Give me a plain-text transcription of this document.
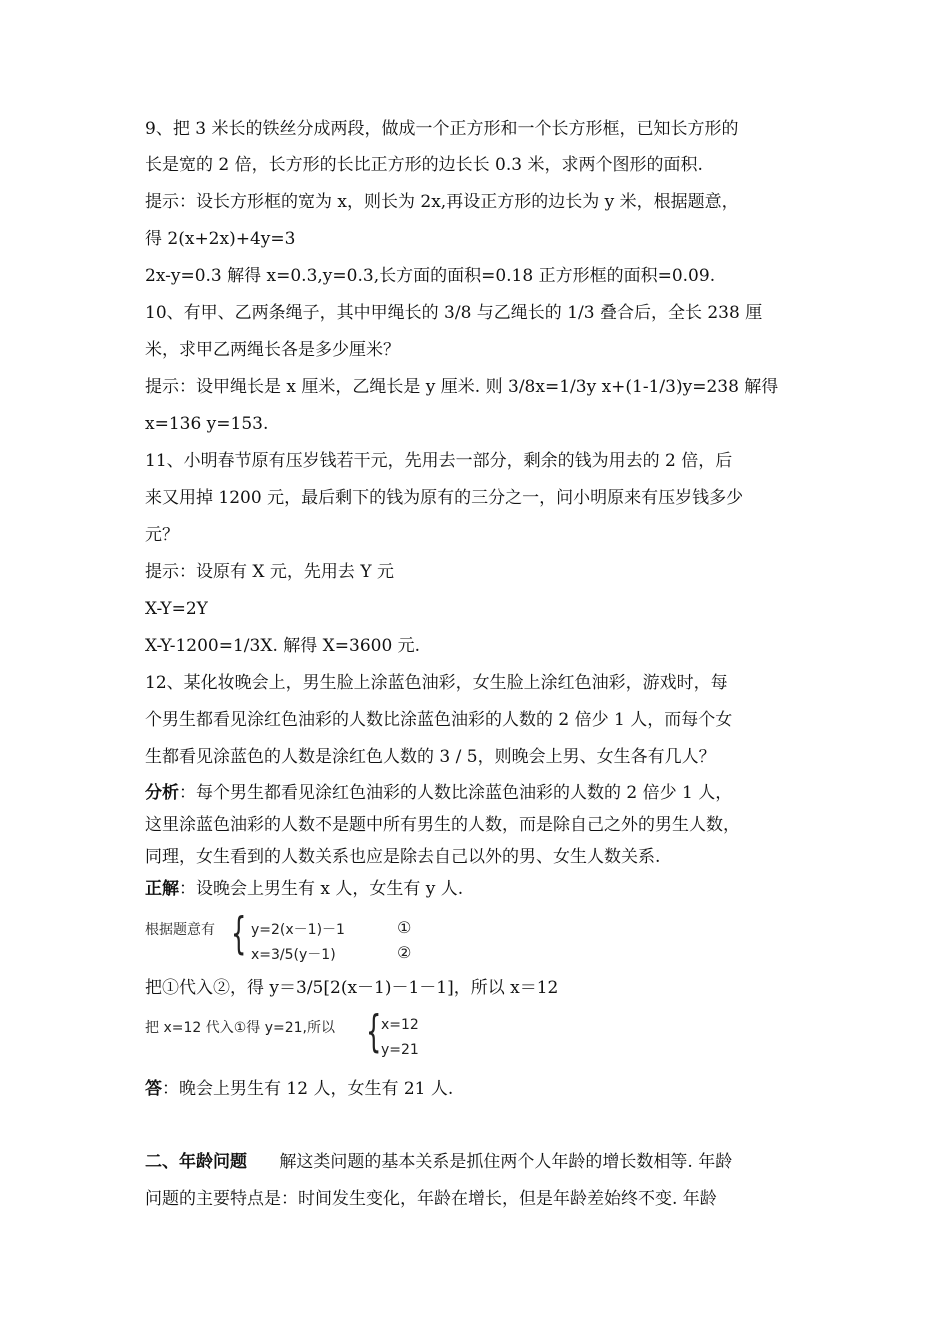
9、把 3 米长的铁丝分成两段，做成一个正方形和一个长方形框，已知长方形的
长是宽的 2 倍，长方形的长比正方形的边长长 0.3 米，求两个图形的面积.
提示：设长方形框的宽为 x，则长为 2x,再设正方形的边长为 y 米，根据题意，
得 2(x+2x)+4y=3
2x-y=0.3 解得 x=0.3,y=0.3,长方面的面积=0.18 正方形框的面积=0.09.
10、有甲、乙两条绳子，其中甲绳长的 3/8 与乙绳长的 1/3 叠合后，全长 238 厘
米，求甲乙两绳长各是多少厘米？
提示：设甲绳长是 x 厘米，乙绳长是 y 厘米. 则 3/8x=1/3y x+(1-1/3)y=238 解得
x=136 y=153.
11、小明春节原有压岁钱若干元，先用去一部分，剩余的钱为用去的 2 倍，后
来又用掉 1200 元，最后剩下的钱为原有的三分之一，问小明原来有压岁钱多少
元？
提示：设原有 X 元，先用去 Y 元
X-Y=2Y
X-Y-1200=1/3X. 解得 X=3600 元.
12、某化妆晚会上，男生脸上涂蓝色油彩，女生脸上涂红色油彩，游戏时，每
个男生都看见涂红色油彩的人数比涂蓝色油彩的人数的 2 倍少 1 人，而每个女
生都看见涂蓝色的人数是涂红色人数的 3 / 5，则晚会上男、女生各有几人？
分析：每个男生都看见涂红色油彩的人数比涂蓝色油彩的人数的 2 倍少 1 人，
这里涂蓝色油彩的人数不是题中所有男生的人数，而是除自己之外的男生人数，
同理，女生看到的人数关系也应是除去自己以外的男、女生人数关系.
正解：设晚会上男生有 x 人，女生有 y 人.
根据题意有 { y=2(x－1)－1
x=3/5(y－1)
①
②
把①代入②，得 y＝3/5[2(x－1)－1－1]，所以 x＝12
把 x=12 代入①得 y=21,所以 { x=12
y=21
答：晚会上男生有 12 人，女生有 21 人.
二、年龄问题      解这类问题的基本关系是抓住两个人年龄的增长数相等. 年龄
问题的主要特点是：时间发生变化，年龄在增长，但是年龄差始终不变. 年龄
